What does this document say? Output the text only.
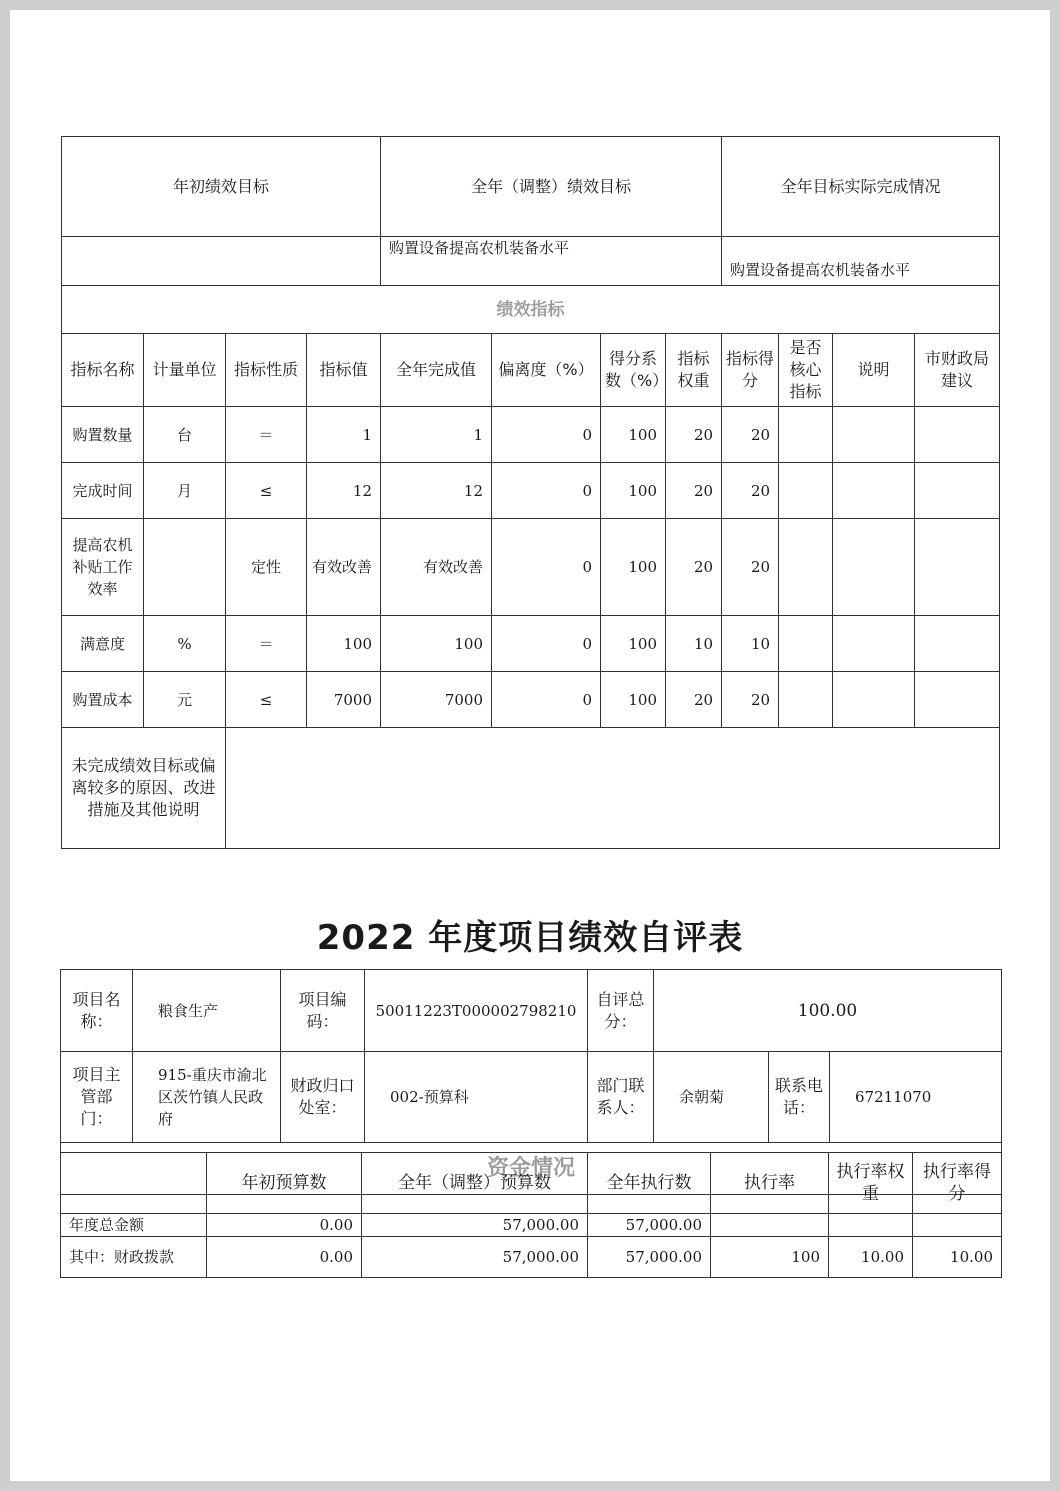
年初绩效目标				全年（调整）绩效目标				全年目标实际完成情况			
				购置设备提高农机装备水平				购置设备提高农机装备水平			
绩效指标											
指标名称	计量单位	指标性质	指标值	全年完成值	偏离度（%）	得分系数（%）	指标权重	指标得分	是否核心指标	说明	市财政局建议
购置数量	台	＝	1	1	0	100	20	20			
完成时间	月	≤	12	12	0	100	20	20			
提高农机补贴工作效率		定性	有效改善	有效改善	0	100	20	20			
满意度	%	＝	100	100	0	100	10	10			
购置成本	元	≤	7000	7000	0	100	20	20			
未完成绩效目标或偏离较多的原因、改进措施及其他说明											
2022 年度项目绩效自评表
项目名称：	粮食生产	项目编码：	50011223T000002798210	自评总分：	100.00		
项目主管部门：	915-重庆市渝北区茨竹镇人民政府	财政归口处室：	002-预算科	部门联系人：	余朝菊	联系电话：	67211070
资金情况							
	年初预算数	全年（调整）预算数	全年执行数	执行率	执行率权重	执行率得分
年度总金额	0.00	57,000.00	57,000.00			
其中：财政拨款	0.00	57,000.00	57,000.00	100	10.00	10.00
